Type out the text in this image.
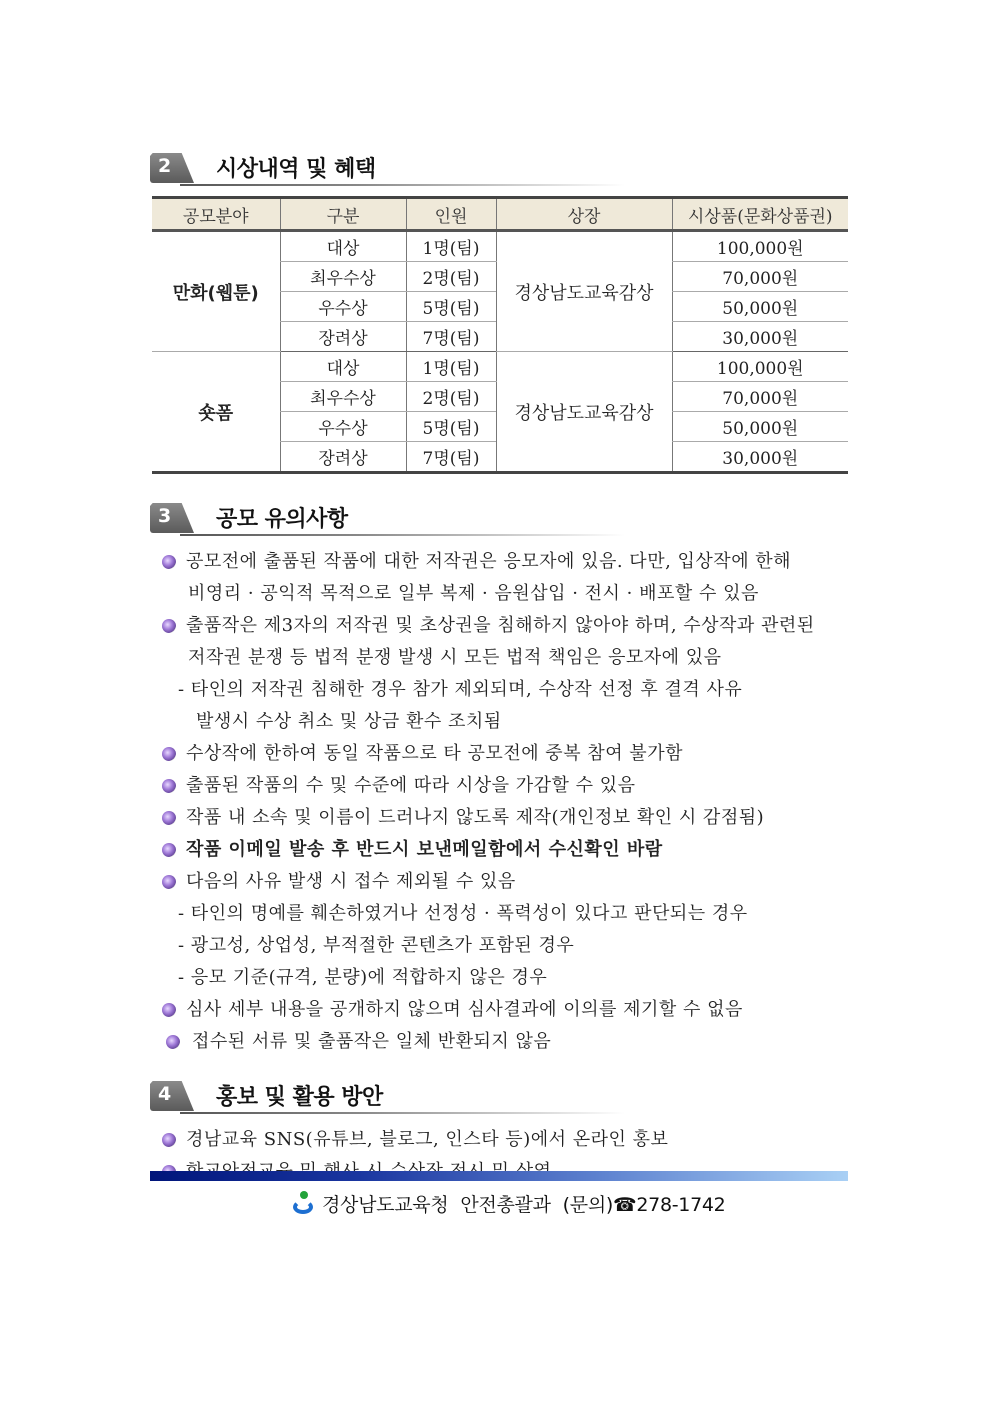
2 시상내역 및 혜택
공모분야	구분	인원	상장	시상품(문화상품권)
만화(웹툰)	대상	1명(팀)	경상남도교육감상	100,000원
	최우수상	2명(팀)		70,000원
	우수상	5명(팀)		50,000원
	장려상	7명(팀)		30,000원
숏폼	대상	1명(팀)	경상남도교육감상	100,000원
	최우수상	2명(팀)		70,000원
	우수상	5명(팀)		50,000원
	장려상	7명(팀)		30,000원
3 공모 유의사항
공모전에 출품된 작품에 대한 저작권은 응모자에 있음. 다만, 입상작에 한해
비영리 · 공익적 목적으로 일부 복제 · 음원삽입 · 전시 · 배포할 수 있음
출품작은 제3자의 저작권 및 초상권을 침해하지 않아야 하며, 수상작과 관련된
저작권 분쟁 등 법적 분쟁 발생 시 모든 법적 책임은 응모자에 있음
- 타인의 저작권 침해한 경우 참가 제외되며, 수상작 선정 후 결격 사유
발생시 수상 취소 및 상금 환수 조치됨
수상작에 한하여 동일 작품으로 타 공모전에 중복 참여 불가함
출품된 작품의 수 및 수준에 따라 시상을 가감할 수 있음
작품 내 소속 및 이름이 드러나지 않도록 제작(개인정보 확인 시 감점됨)
작품 이메일 발송 후 반드시 보낸메일함에서 수신확인 바람
다음의 사유 발생 시 접수 제외될 수 있음
- 타인의 명예를 훼손하였거나 선정성 · 폭력성이 있다고 판단되는 경우
- 광고성, 상업성, 부적절한 콘텐츠가 포함된 경우
- 응모 기준(규격, 분량)에 적합하지 않은 경우
심사 세부 내용을 공개하지 않으며 심사결과에 이의를 제기할 수 없음
접수된 서류 및 출품작은 일체 반환되지 않음
4 홍보 및 활용 방안
경남교육 SNS(유튜브, 블로그, 인스타 등)에서 온라인 홍보
경상남도교육청 안전총괄과 (문의)☎278-1742
